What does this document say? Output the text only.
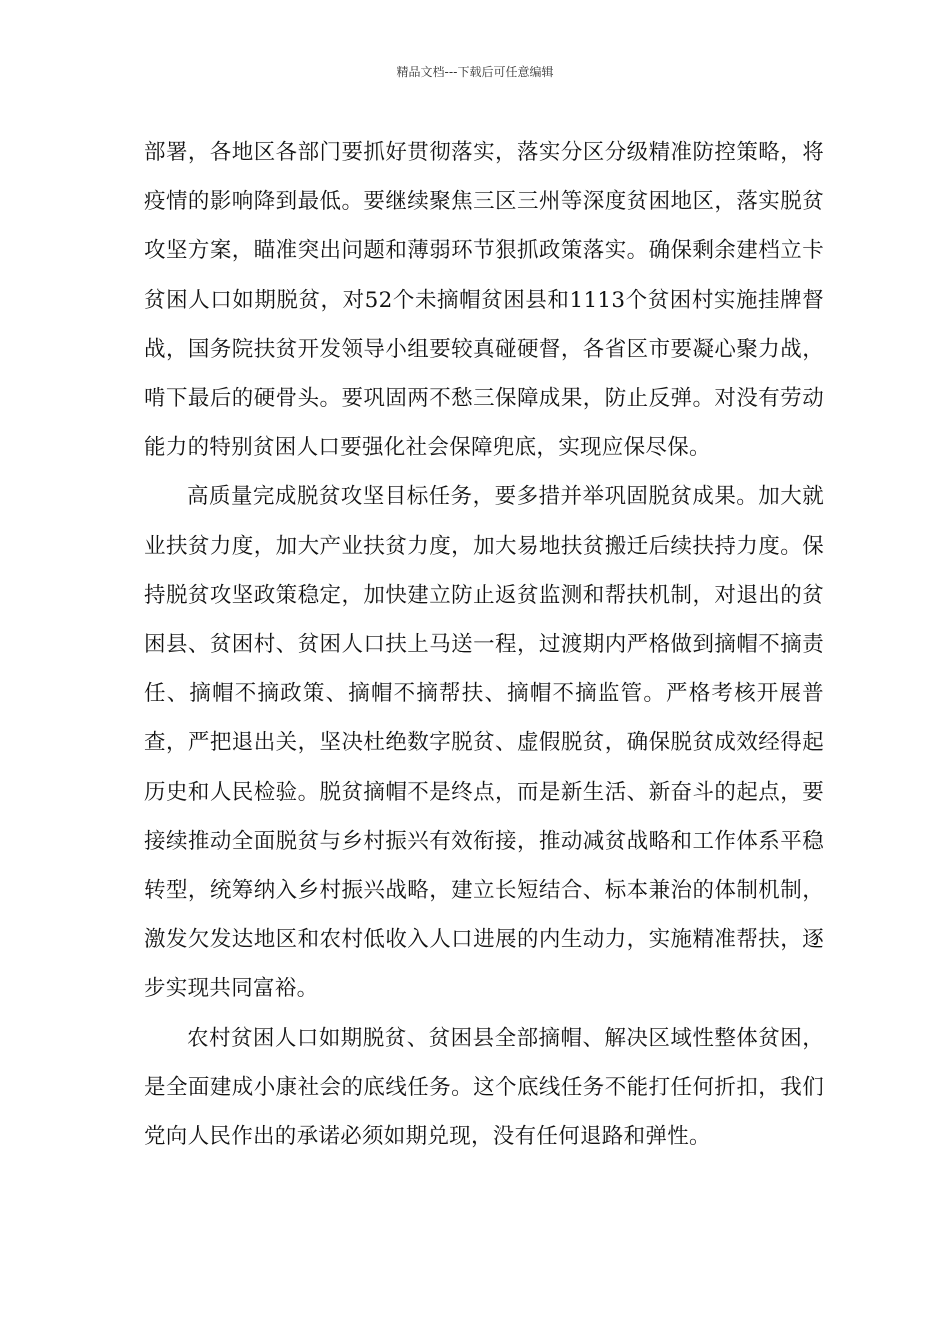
精品文档---下载后可任意编辑

部署，各地区各部门要抓好贯彻落实，落实分区分级精准防控策略，将疫情的影响降到最低。要继续聚焦三区三州等深度贫困地区，落实脱贫攻坚方案，瞄准突出问题和薄弱环节狠抓政策落实。确保剩余建档立卡贫困人口如期脱贫，对52个未摘帽贫困县和1113个贫困村实施挂牌督战，国务院扶贫开发领导小组要较真碰硬督，各省区市要凝心聚力战，啃下最后的硬骨头。要巩固两不愁三保障成果，防止反弹。对没有劳动能力的特别贫困人口要强化社会保障兜底，实现应保尽保。

高质量完成脱贫攻坚目标任务，要多措并举巩固脱贫成果。加大就业扶贫力度，加大产业扶贫力度，加大易地扶贫搬迁后续扶持力度。保持脱贫攻坚政策稳定，加快建立防止返贫监测和帮扶机制，对退出的贫困县、贫困村、贫困人口扶上马送一程，过渡期内严格做到摘帽不摘责任、摘帽不摘政策、摘帽不摘帮扶、摘帽不摘监管。严格考核开展普查，严把退出关，坚决杜绝数字脱贫、虚假脱贫，确保脱贫成效经得起历史和人民检验。脱贫摘帽不是终点，而是新生活、新奋斗的起点，要接续推动全面脱贫与乡村振兴有效衔接，推动减贫战略和工作体系平稳转型，统筹纳入乡村振兴战略，建立长短结合、标本兼治的体制机制，激发欠发达地区和农村低收入人口进展的内生动力，实施精准帮扶，逐步实现共同富裕。

农村贫困人口如期脱贫、贫困县全部摘帽、解决区域性整体贫困，是全面建成小康社会的底线任务。这个底线任务不能打任何折扣，我们党向人民作出的承诺必须如期兑现，没有任何退路和弹性。
